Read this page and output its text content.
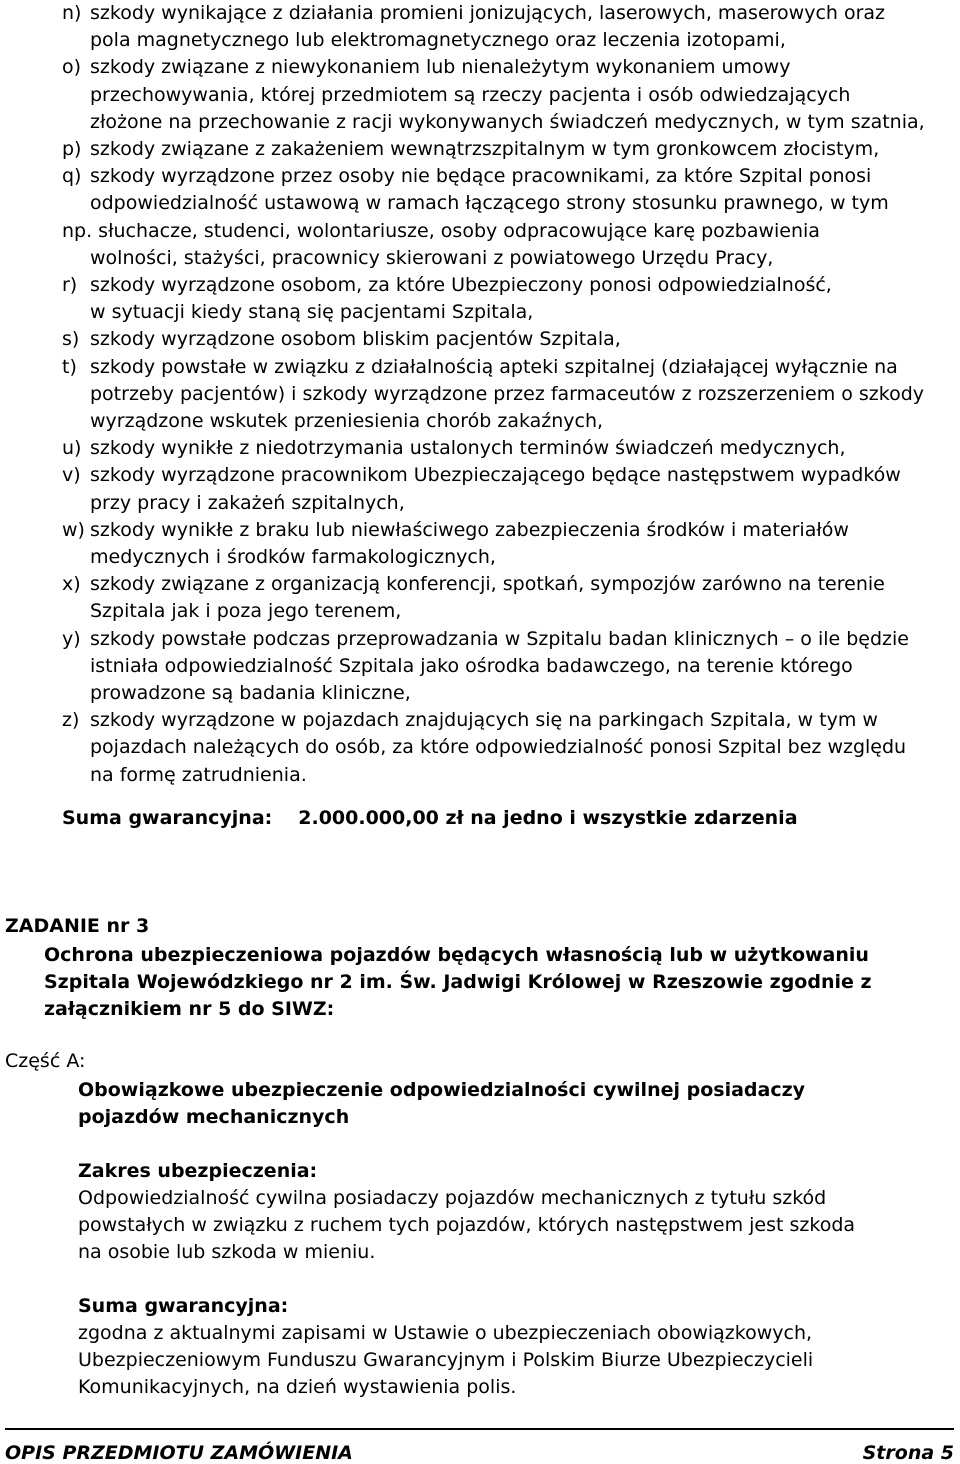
n) szkody wynikające z działania promieni jonizujących, laserowych, maserowych oraz
pola magnetycznego lub elektromagnetycznego oraz leczenia izotopami,
o) szkody związane z niewykonaniem lub nienależytym wykonaniem umowy
przechowywania, której przedmiotem są rzeczy pacjenta i osób odwiedzających
złożone na przechowanie z racji wykonywanych świadczeń medycznych, w tym szatnia,
p) szkody związane z zakażeniem wewnątrzszpitalnym w tym gronkowcem złocistym,
q) szkody wyrządzone przez osoby nie będące pracownikami, za które Szpital ponosi
odpowiedzialność ustawową w ramach łączącego strony stosunku prawnego, w tym
np. słuchacze, studenci, wolontariusze, osoby odpracowujące karę pozbawienia
wolności, stażyści, pracownicy skierowani z powiatowego Urzędu Pracy,
r) szkody wyrządzone osobom, za które Ubezpieczony ponosi odpowiedzialność,
w sytuacji kiedy staną się pacjentami Szpitala,
s) szkody wyrządzone osobom bliskim pacjentów Szpitala,
t) szkody powstałe w związku z działalnością apteki szpitalnej (działającej wyłącznie na
potrzeby pacjentów) i szkody wyrządzone przez farmaceutów z rozszerzeniem o szkody
wyrządzone wskutek przeniesienia chorób zakaźnych,
u) szkody wynikłe z niedotrzymania ustalonych terminów świadczeń medycznych,
v) szkody wyrządzone pracownikom Ubezpieczającego będące następstwem wypadków
przy pracy i zakażeń szpitalnych,
w) szkody wynikłe z braku lub niewłaściwego zabezpieczenia środków i materiałów
medycznych i środków farmakologicznych,
x) szkody związane z organizacją konferencji, spotkań, sympozjów zarówno na terenie
Szpitala jak i poza jego terenem,
y) szkody powstałe podczas przeprowadzania w Szpitalu badan klinicznych – o ile będzie
istniała odpowiedzialność Szpitala jako ośrodka badawczego, na terenie którego
prowadzone są badania kliniczne,
z) szkody wyrządzone w pojazdach znajdujących się na parkingach Szpitala, w tym w
pojazdach należących do osób, za które odpowiedzialność ponosi Szpital bez względu
na formę zatrudnienia.
Suma gwarancyjna: 2.000.000,00 zł na jedno i wszystkie zdarzenia
ZADANIE nr 3
Ochrona ubezpieczeniowa pojazdów będących własnością lub w użytkowaniu
Szpitala Wojewódzkiego nr 2 im. Św. Jadwigi Królowej w Rzeszowie zgodnie z
załącznikiem nr 5 do SIWZ:
Część A:
Obowiązkowe ubezpieczenie odpowiedzialności cywilnej posiadaczy
pojazdów mechanicznych
Zakres ubezpieczenia:
Odpowiedzialność cywilna posiadaczy pojazdów mechanicznych z tytułu szkód
powstałych w związku z ruchem tych pojazdów, których następstwem jest szkoda
na osobie lub szkoda w mieniu.
Suma gwarancyjna:
zgodna z aktualnymi zapisami w Ustawie o ubezpieczeniach obowiązkowych,
Ubezpieczeniowym Funduszu Gwarancyjnym i Polskim Biurze Ubezpieczycieli
Komunikacyjnych, na dzień wystawienia polis.
OPIS PRZEDMIOTU ZAMÓWIENIA	Strona 5
